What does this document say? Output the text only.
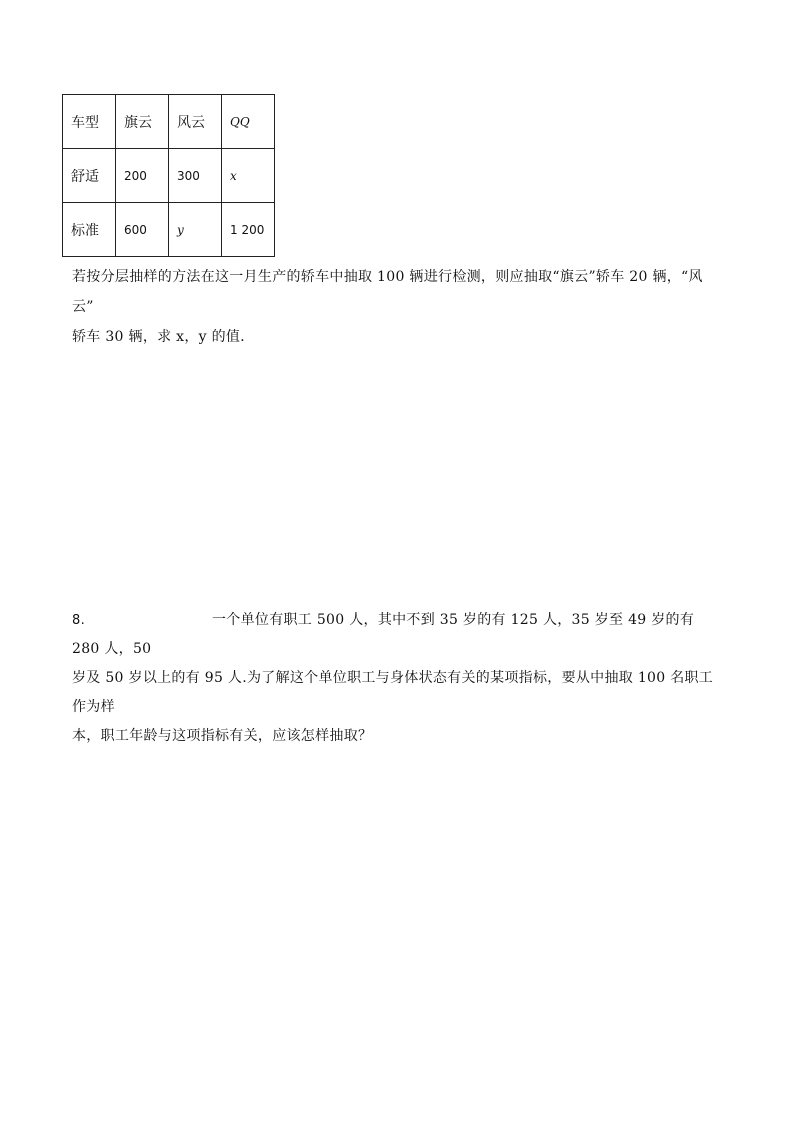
车型	旗云	风云	QQ
舒适	200	300	x
标准	600	y	1 200

若按分层抽样的方法在这一月生产的轿车中抽取 100 辆进行检测，则应抽取“旗云”轿车 20 辆，“风云”
轿车 30 辆，求 x，y 的值．

8.	一个单位有职工 500 人，其中不到 35 岁的有 125 人，35 岁至 49 岁的有 280 人，50
岁及 50 岁以上的有 95 人.为了解这个单位职工与身体状态有关的某项指标，要从中抽取 100 名职工作为样
本，职工年龄与这项指标有关，应该怎样抽取？
